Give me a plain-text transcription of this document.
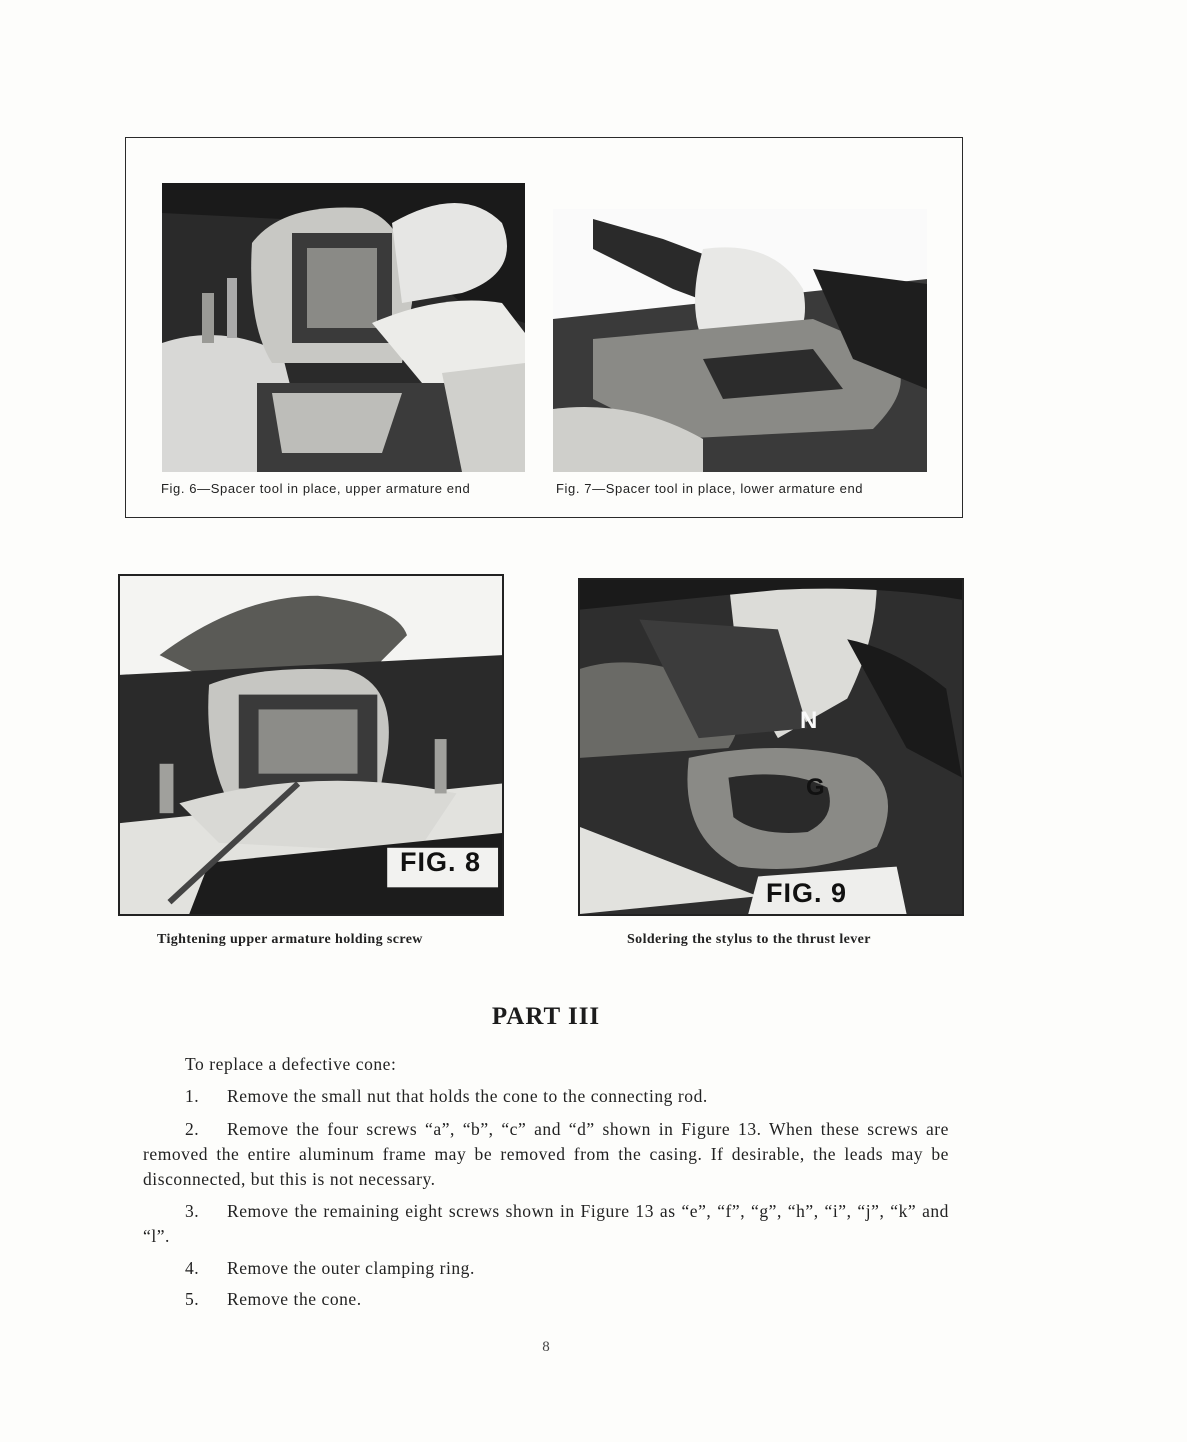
Fig. 6—Spacer tool in place, upper armature end	Fig. 7—Spacer tool in place, lower armature end
FIG. 8
N
G
FIG. 9
Tightening upper armature holding screw	Soldering the stylus to the thrust lever
PART III
To replace a defective cone:
1. Remove the small nut that holds the cone to the connecting rod.
2. Remove the four screws “a”, “b”, “c” and “d” shown in Figure 13. When these screws are removed the entire aluminum frame may be removed from the casing. If desirable, the leads may be disconnected, but this is not necessary.
3. Remove the remaining eight screws shown in Figure 13 as “e”, “f”, “g”, “h”, “i”, “j”, “k” and “l”.
4. Remove the outer clamping ring.
5. Remove the cone.
8
